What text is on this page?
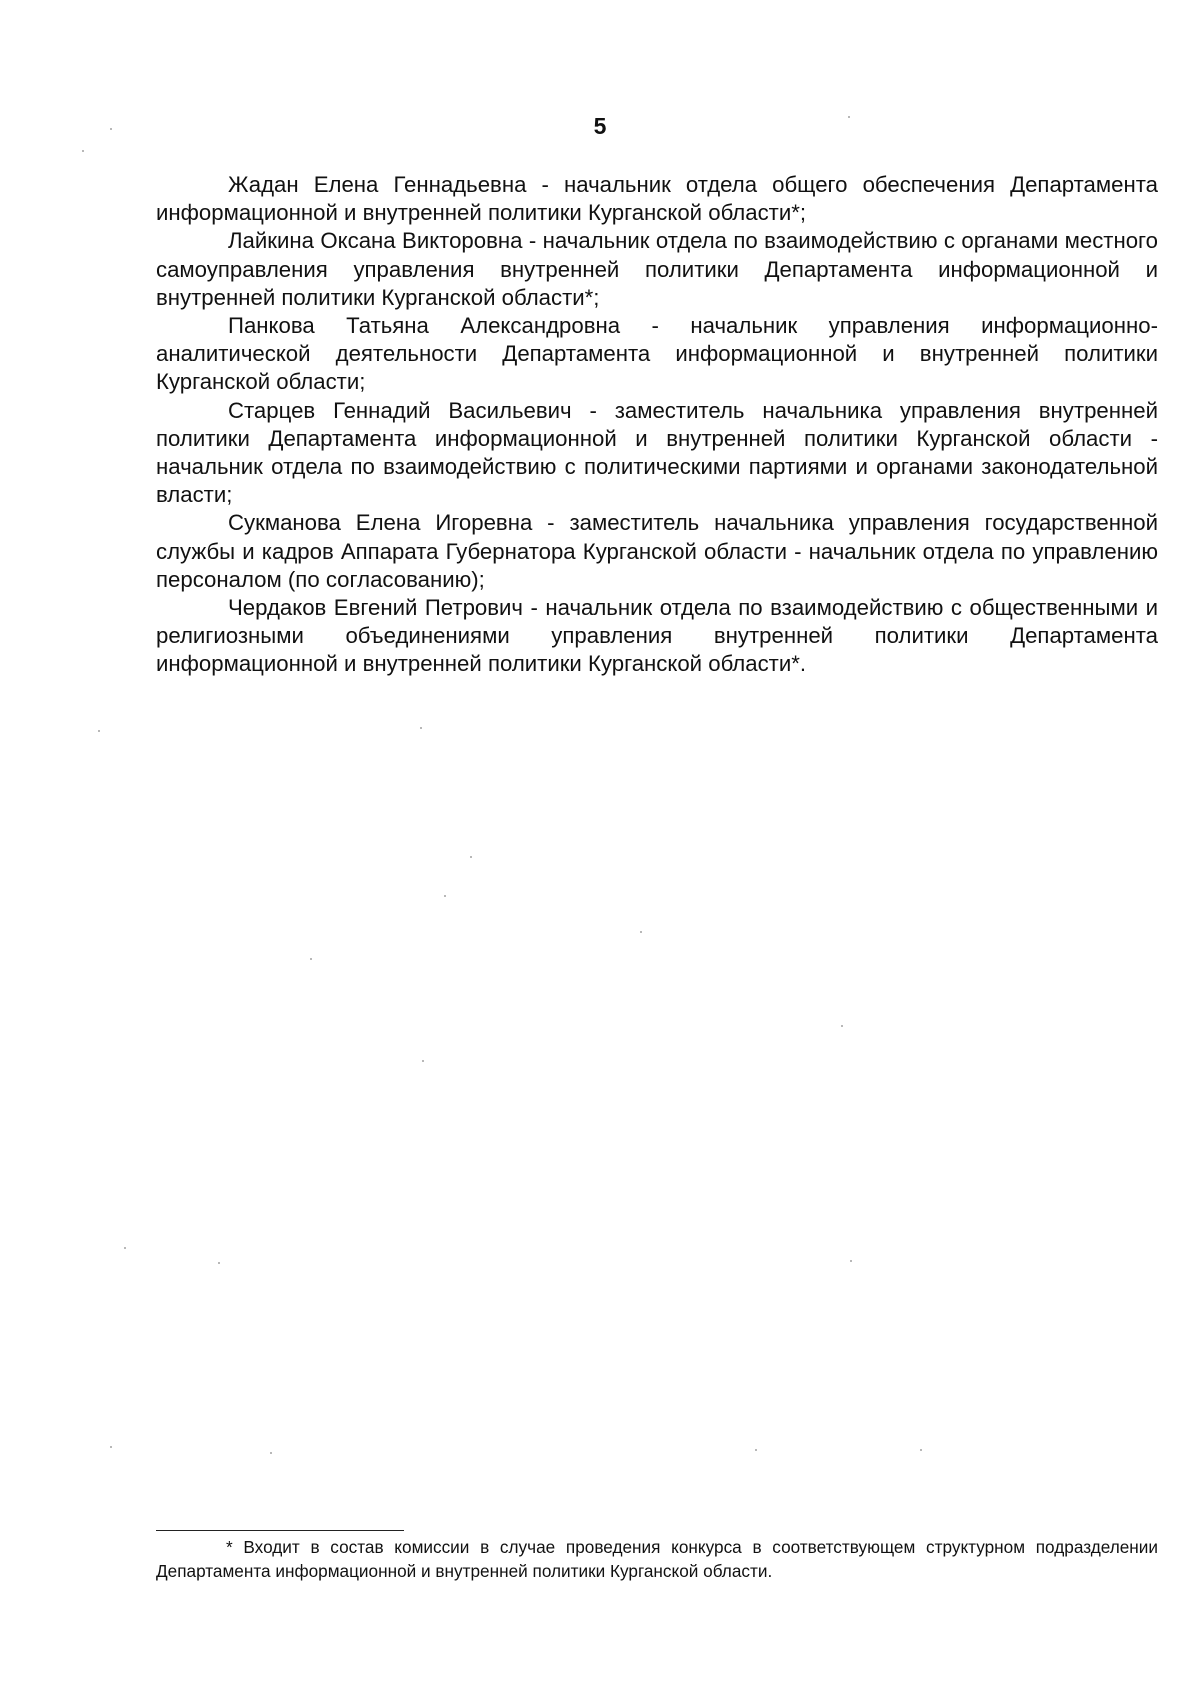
5

Жадан Елена Геннадьевна - начальник отдела общего обеспечения Департамента информационной и внутренней политики Курганской области*;

Лайкина Оксана Викторовна - начальник отдела по взаимодействию с органами местного самоуправления управления внутренней политики Департамента информационной и внутренней политики Курганской области*;

Панкова Татьяна Александровна - начальник управления информационно-аналитической деятельности Департамента информационной и внутренней политики Курганской области;

Старцев Геннадий Васильевич - заместитель начальника управления внутренней политики Департамента информационной и внутренней политики Курганской области - начальник отдела по взаимодействию с политическими партиями и органами законодательной власти;

Сукманова Елена Игоревна - заместитель начальника управления государственной службы и кадров Аппарата Губернатора Курганской области - начальник отдела по управлению персоналом (по согласованию);

Чердаков Евгений Петрович - начальник отдела по взаимодействию с общественными и религиозными объединениями управления внутренней политики Департамента информационной и внутренней политики Курганской области*.

* Входит в состав комиссии в случае проведения конкурса в соответствующем структурном подразделении Департамента информационной и внутренней политики Курганской области.
